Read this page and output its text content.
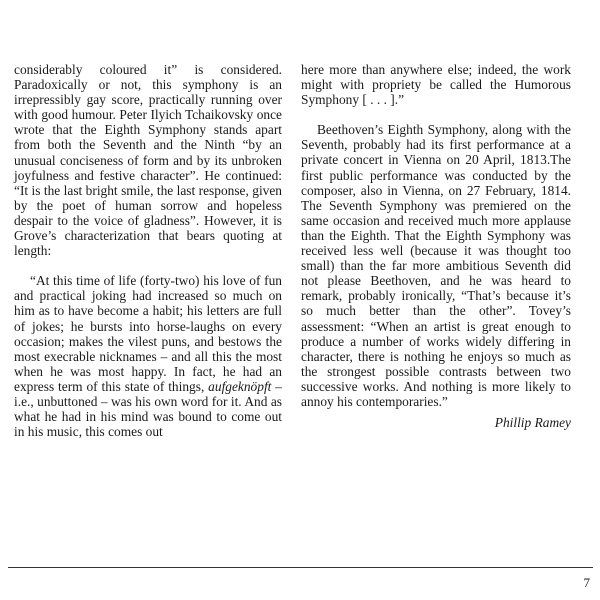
considerably coloured it” is considered. Paradoxically or not, this symphony is an irrepressibly gay score, practically running over with good humour. Peter Ilyich Tchaikovsky once wrote that the Eighth Symphony stands apart from both the Seventh and the Ninth “by an unusual conciseness of form and by its unbroken joyfulness and festive character”. He continued: “It is the last bright smile, the last response, given by the poet of human sorrow and hopeless despair to the voice of gladness”. However, it is Grove’s characterization that bears quoting at length:

“At this time of life (forty-two) his love of fun and practical joking had increased so much on him as to have become a habit; his letters are full of jokes; he bursts into horse-laughs on every occasion; makes the vilest puns, and bestows the most execrable nicknames – and all this the most when he was most happy. In fact, he had an express term of this state of things, aufgeknöpft – i.e., unbuttoned – was his own word for it. And as what he had in his mind was bound to come out in his music, this comes out

here more than anywhere else; indeed, the work might with propriety be called the Humorous Symphony [ . . . ].”

Beethoven’s Eighth Symphony, along with the Seventh, probably had its first performance at a private concert in Vienna on 20 April, 1813.The first public performance was conducted by the composer, also in Vienna, on 27 February, 1814. The Seventh Symphony was premiered on the same occasion and received much more applause than the Eighth. That the Eighth Symphony was received less well (because it was thought too small) than the far more ambitious Seventh did not please Beethoven, and he was heard to remark, probably ironically, “That’s because it’s so much better than the other”. Tovey’s assessment: “When an artist is great enough to produce a number of works widely differing in character, there is nothing he enjoys so much as the strongest possible contrasts between two successive works. And nothing is more likely to annoy his contemporaries.”

Phillip Ramey

7
